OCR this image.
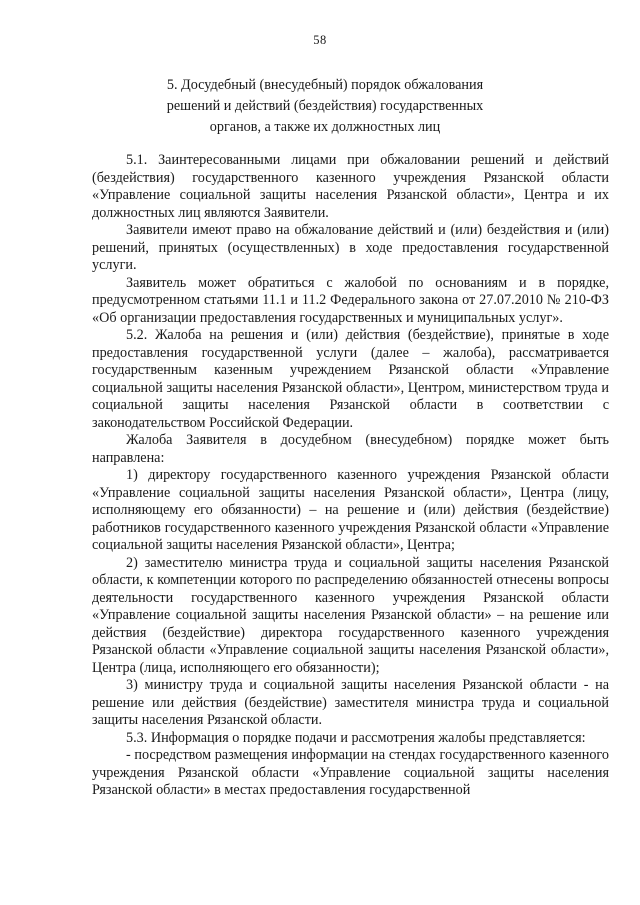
58
5. Досудебный (внесудебный) порядок обжалования решений и действий (бездействия) государственных органов, а также их должностных лиц

5.1. Заинтересованными лицами при обжаловании решений и действий (бездействия) государственного казенного учреждения Рязанской области «Управление социальной защиты населения Рязанской области», Центра и их должностных лиц являются Заявители.

Заявители имеют право на обжалование действий и (или) бездействия и (или) решений, принятых (осуществленных) в ходе предоставления государственной услуги.

Заявитель может обратиться с жалобой по основаниям и в порядке, предусмотренном статьями 11.1 и 11.2 Федерального закона от 27.07.2010 № 210-ФЗ «Об организации предоставления государственных и муниципальных услуг».

5.2. Жалоба на решения и (или) действия (бездействие), принятые в ходе предоставления государственной услуги (далее – жалоба), рассматривается государственным казенным учреждением Рязанской области «Управление социальной защиты населения Рязанской области», Центром, министерством труда и социальной защиты населения Рязанской области в соответствии с законодательством Российской Федерации.

Жалоба Заявителя в досудебном (внесудебном) порядке может быть направлена:

1) директору государственного казенного учреждения Рязанской области «Управление социальной защиты населения Рязанской области», Центра (лицу, исполняющему его обязанности) – на решение и (или) действия (бездействие) работников государственного казенного учреждения Рязанской области «Управление социальной защиты населения Рязанской области», Центра;

2) заместителю министра труда и социальной защиты населения Рязанской области, к компетенции которого по распределению обязанностей отнесены вопросы деятельности государственного казенного учреждения Рязанской области «Управление социальной защиты населения Рязанской области» – на решение или действия (бездействие) директора государственного казенного учреждения Рязанской области «Управление социальной защиты населения Рязанской области», Центра (лица, исполняющего его обязанности);

3) министру труда и социальной защиты населения Рязанской области - на решение или действия (бездействие) заместителя министра труда и социальной защиты населения Рязанской области.

5.3. Информация о порядке подачи и рассмотрения жалобы представляется:

- посредством размещения информации на стендах государственного казенного учреждения Рязанской области «Управление социальной защиты населения Рязанской области» в местах предоставления государственной
